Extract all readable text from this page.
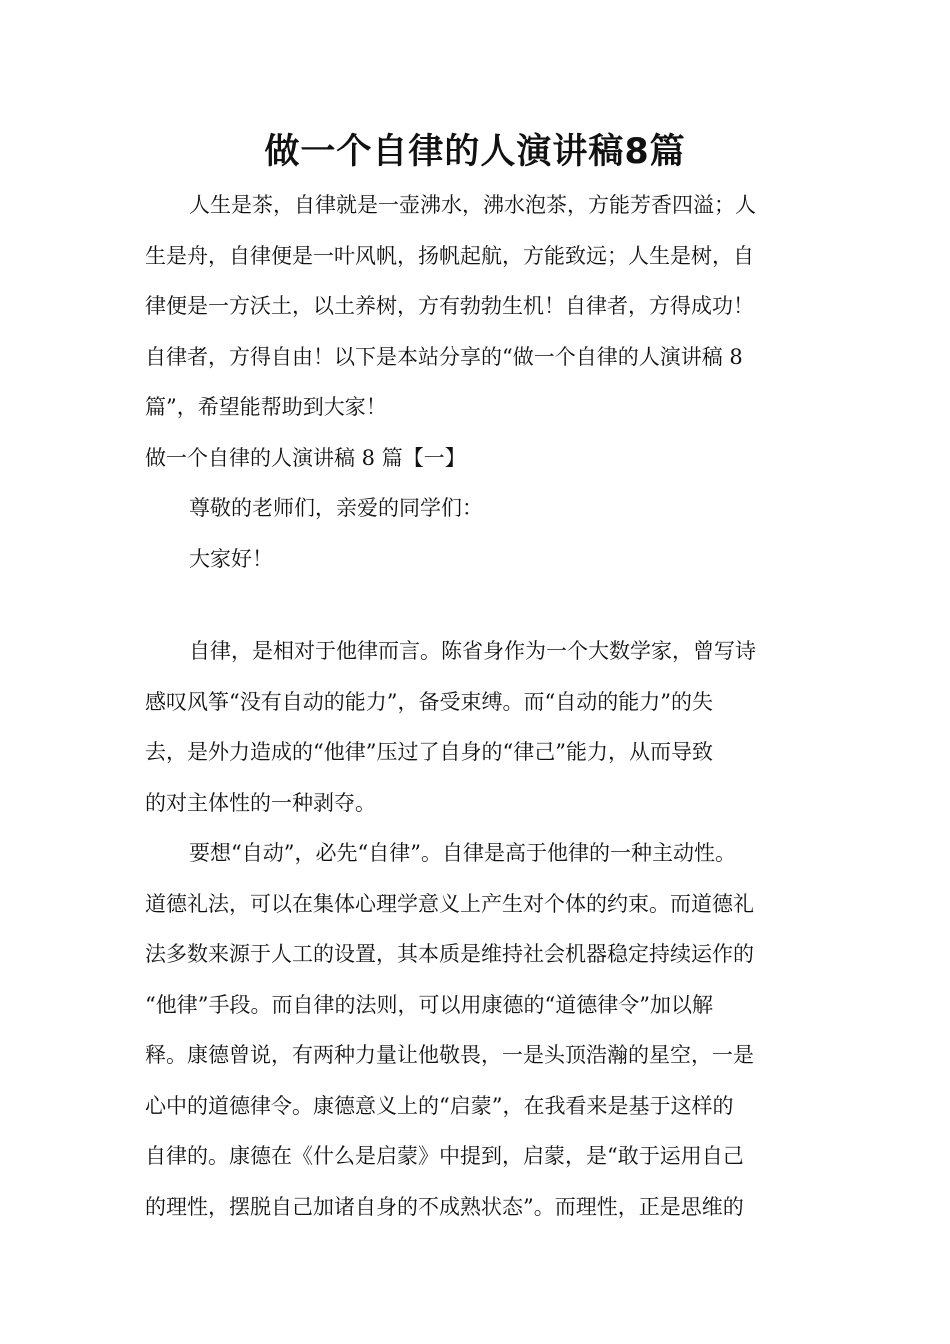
做一个自律的人演讲稿8篇
人生是茶，自律就是一壶沸水，沸水泡茶，方能芳香四溢；人
生是舟，自律便是一叶风帆，扬帆起航，方能致远；人生是树，自
律便是一方沃土，以土养树，方有勃勃生机！自律者，方得成功！
自律者，方得自由！以下是本站分享的“做一个自律的人演讲稿 8
篇”，希望能帮助到大家！
做一个自律的人演讲稿 8 篇【一】
尊敬的老师们，亲爱的同学们：
大家好！
自律，是相对于他律而言。陈省身作为一个大数学家，曾写诗
感叹风筝“没有自动的能力”，备受束缚。而“自动的能力”的失
去，是外力造成的“他律”压过了自身的“律己”能力，从而导致
的对主体性的一种剥夺。
要想“自动”，必先“自律”。自律是高于他律的一种主动性。
道德礼法，可以在集体心理学意义上产生对个体的约束。而道德礼
法多数来源于人工的设置，其本质是维持社会机器稳定持续运作的
“他律”手段。而自律的法则，可以用康德的“道德律令”加以解
释。康德曾说，有两种力量让他敬畏，一是头顶浩瀚的星空，一是
心中的道德律令。康德意义上的“启蒙”，在我看来是基于这样的
自律的。康德在《什么是启蒙》中提到，启蒙，是“敢于运用自己
的理性，摆脱自己加诸自身的不成熟状态”。而理性，正是思维的
